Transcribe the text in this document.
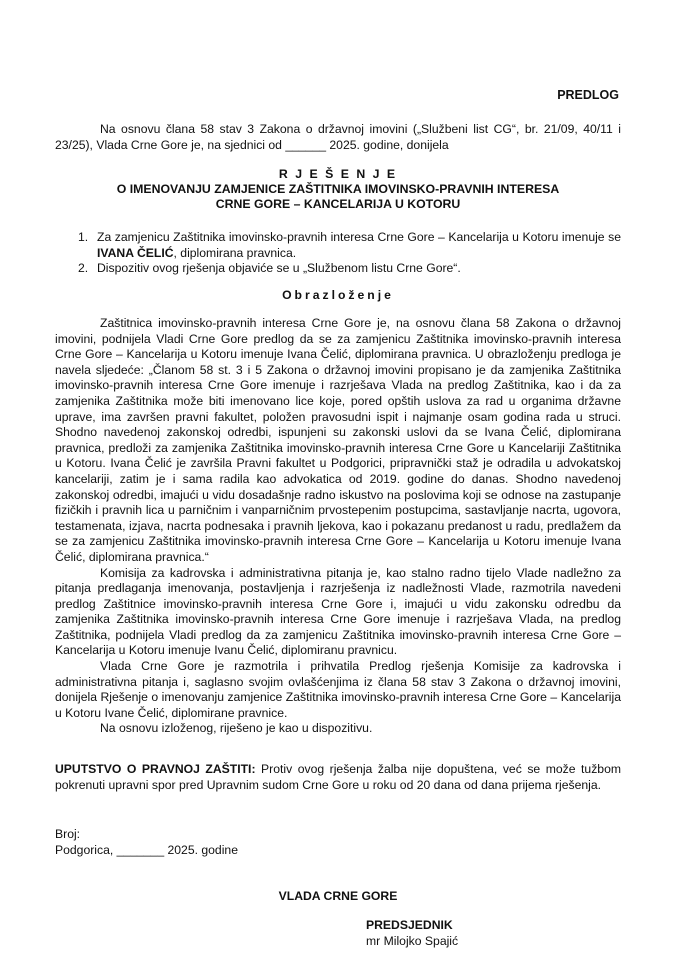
PREDLOG
Na osnovu člana 58 stav 3 Zakona o državnoj imovini („Službeni list CG“, br. 21/09, 40/11 i 23/25), Vlada Crne Gore je, na sjednici od ______ 2025. godine, donijela
R J E Š E N J E
O IMENOVANJU ZAMJENICE ZAŠTITNIKA IMOVINSKO-PRAVNIH INTERESA
CRNE GORE – KANCELARIJA U KOTORU
1. Za zamjenicu Zaštitnika imovinsko-pravnih interesa Crne Gore – Kancelarija u Kotoru imenuje se IVANA ČELIĆ, diplomirana pravnica.
2. Dispozitiv ovog rješenja objaviće se u „Službenom listu Crne Gore“.
Obrazloženje

Zaštitnica imovinsko-pravnih interesa Crne Gore je, na osnovu člana 58 Zakona o državnoj imovini, podnijela Vladi Crne Gore predlog da se za zamjenicu Zaštitnika imovinsko-pravnih interesa Crne Gore – Kancelarija u Kotoru imenuje Ivana Čelić, diplomirana pravnica. U obrazloženju predloga je navela sljedeće: „Članom 58 st. 3 i 5 Zakona o državnoj imovini propisano je da zamjenika Zaštitnika imovinsko-pravnih interesa Crne Gore imenuje i razrješava Vlada na predlog Zaštitnika, kao i da za zamjenika Zaštitnika može biti imenovano lice koje, pored opštih uslova za rad u organima državne uprave, ima završen pravni fakultet, položen pravosudni ispit i najmanje osam godina rada u struci. Shodno navedenoj zakonskoj odredbi, ispunjeni su zakonski uslovi da se Ivana Čelić, diplomirana pravnica, predloži za zamjenika Zaštitnika imovinsko-pravnih interesa Crne Gore u Kancelariji Zaštitnika u Kotoru. Ivana Čelić je završila Pravni fakultet u Podgorici, pripravnički staž je odradila u advokatskoj kancelariji, zatim je i sama radila kao advokatica od 2019. godine do danas. Shodno navedenoj zakonskoj odredbi, imajući u vidu dosadašnje radno iskustvo na poslovima koji se odnose na zastupanje fizičkih i pravnih lica u parničnim i vanparničnim prvostepenim postupcima, sastavljanje nacrta, ugovora, testamenata, izjava, nacrta podnesaka i pravnih ljekova, kao i pokazanu predanost u radu, predlažem da se za zamjenicu Zaštitnika imovinsko-pravnih interesa Crne Gore – Kancelarija u Kotoru imenuje Ivana Čelić, diplomirana pravnica.“

Komisija za kadrovska i administrativna pitanja je, kao stalno radno tijelo Vlade nadležno za pitanja predlaganja imenovanja, postavljenja i razrješenja iz nadležnosti Vlade, razmotrila navedeni predlog Zaštitnice imovinsko-pravnih interesa Crne Gore i, imajući u vidu zakonsku odredbu da zamjenika Zaštitnika imovinsko-pravnih interesa Crne Gore imenuje i razrješava Vlada, na predlog Zaštitnika, podnijela Vladi predlog da za zamjenicu Zaštitnika imovinsko-pravnih interesa Crne Gore – Kancelarija u Kotoru imenuje Ivanu Čelić, diplomiranu pravnicu.

Vlada Crne Gore je razmotrila i prihvatila Predlog rješenja Komisije za kadrovska i administrativna pitanja i, saglasno svojim ovlašćenjima iz člana 58 stav 3 Zakona o državnoj imovini, donijela Rješenje o imenovanju zamjenice Zaštitnika imovinsko-pravnih interesa Crne Gore – Kancelarija u Kotoru Ivane Čelić, diplomirane pravnice.

Na osnovu izloženog, riješeno je kao u dispozitivu.

UPUTSTVO O PRAVNOJ ZAŠTITI: Protiv ovog rješenja žalba nije dopuštena, već se može tužbom pokrenuti upravni spor pred Upravnim sudom Crne Gore u roku od 20 dana od dana prijema rješenja.
Broj:
Podgorica, _______ 2025. godine
VLADA CRNE GORE
PREDSJEDNIK
mr Milojko Spajić
